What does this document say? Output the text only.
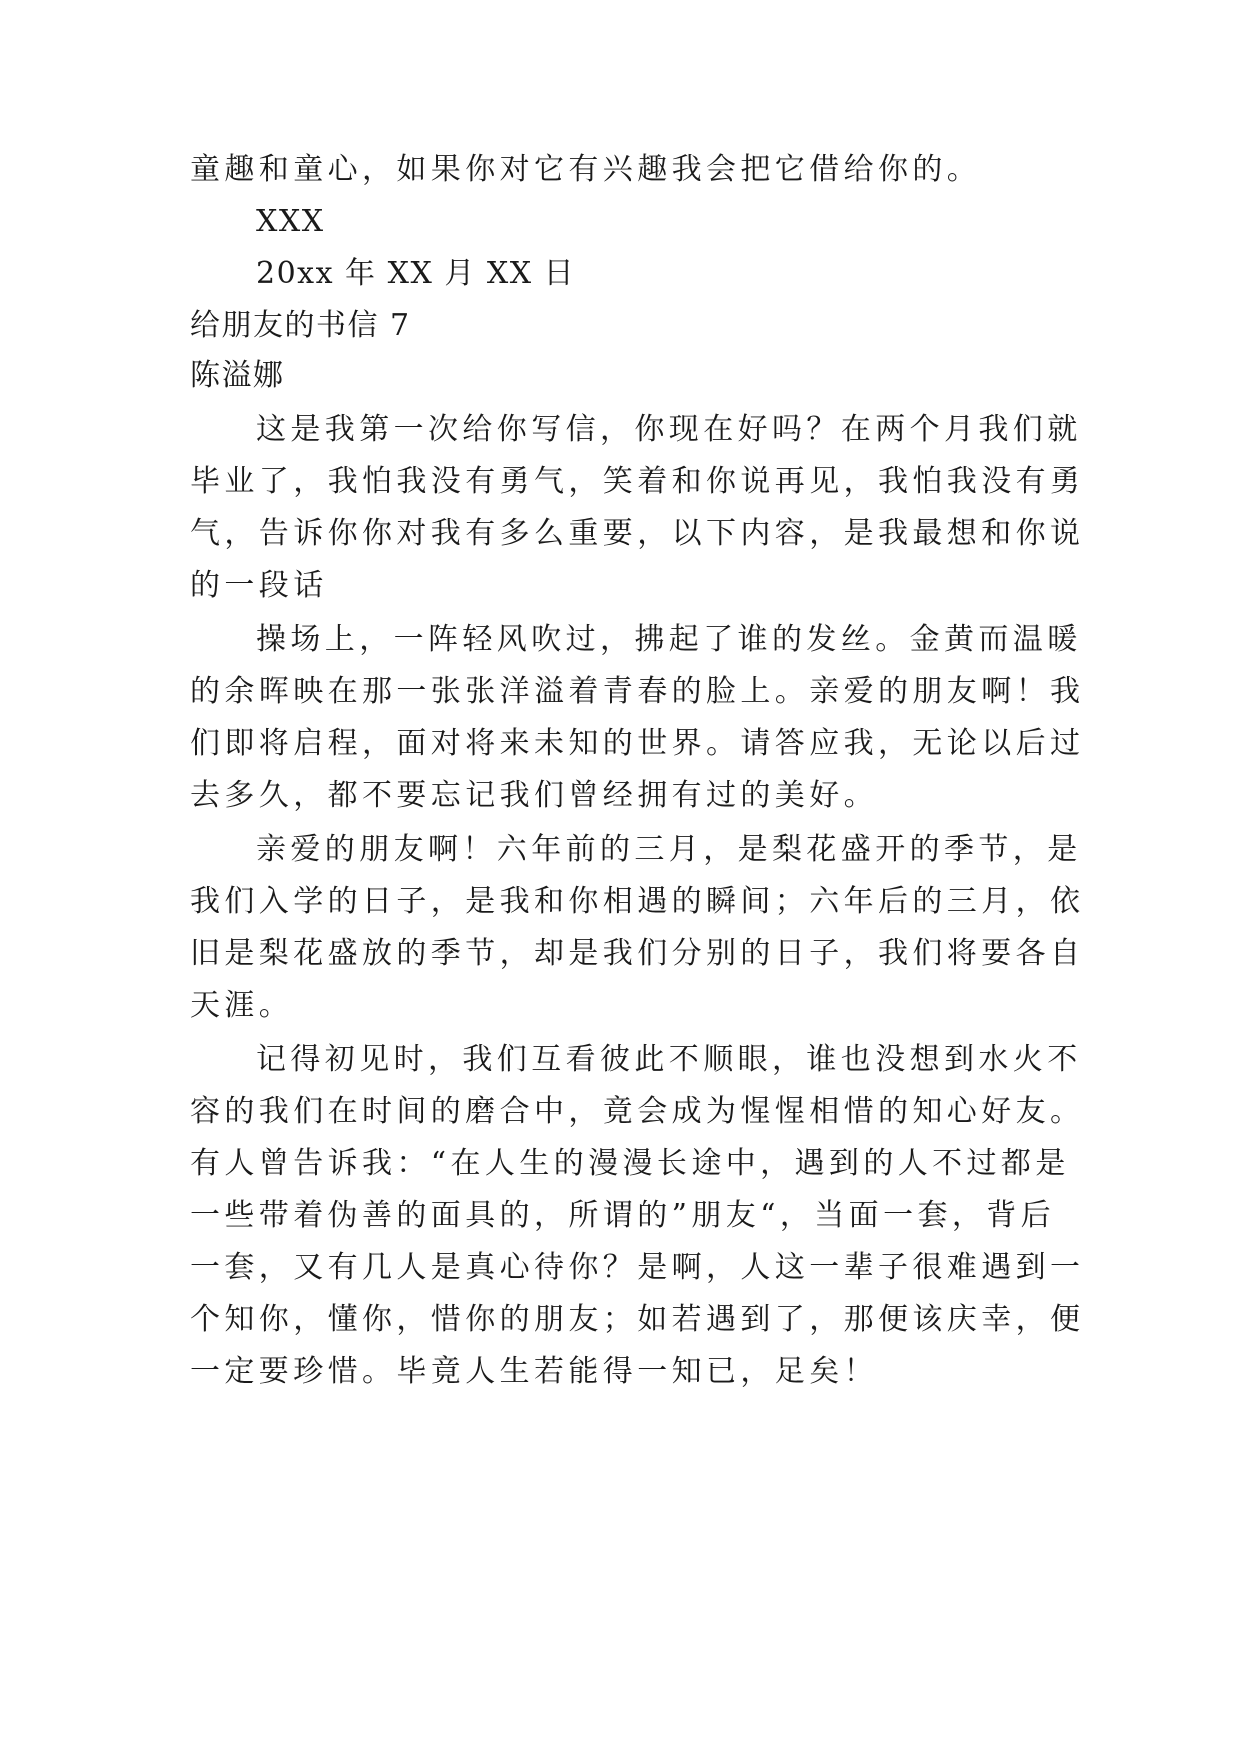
童趣和童心，如果你对它有兴趣我会把它借给你的。
XXX
20xx 年 XX 月 XX 日
给朋友的书信 7
陈溢娜
这是我第一次给你写信，你现在好吗？在两个月我们就
毕业了，我怕我没有勇气，笑着和你说再见，我怕我没有勇
气，告诉你你对我有多么重要，以下内容，是我最想和你说
的一段话
操场上，一阵轻风吹过，拂起了谁的发丝。金黄而温暖
的余晖映在那一张张洋溢着青春的脸上。亲爱的朋友啊！我
们即将启程，面对将来未知的世界。请答应我，无论以后过
去多久，都不要忘记我们曾经拥有过的美好。
亲爱的朋友啊！六年前的三月，是梨花盛开的季节，是
我们入学的日子，是我和你相遇的瞬间；六年后的三月，依
旧是梨花盛放的季节，却是我们分别的日子，我们将要各自
天涯。
记得初见时，我们互看彼此不顺眼，谁也没想到水火不
容的我们在时间的磨合中，竟会成为惺惺相惜的知心好友。
有人曾告诉我：“在人生的漫漫长途中，遇到的人不过都是
一些带着伪善的面具的，所谓的”朋友“，当面一套，背后
一套，又有几人是真心待你？是啊，人这一辈子很难遇到一
个知你，懂你，惜你的朋友；如若遇到了，那便该庆幸，便
一定要珍惜。毕竟人生若能得一知已，足矣！
